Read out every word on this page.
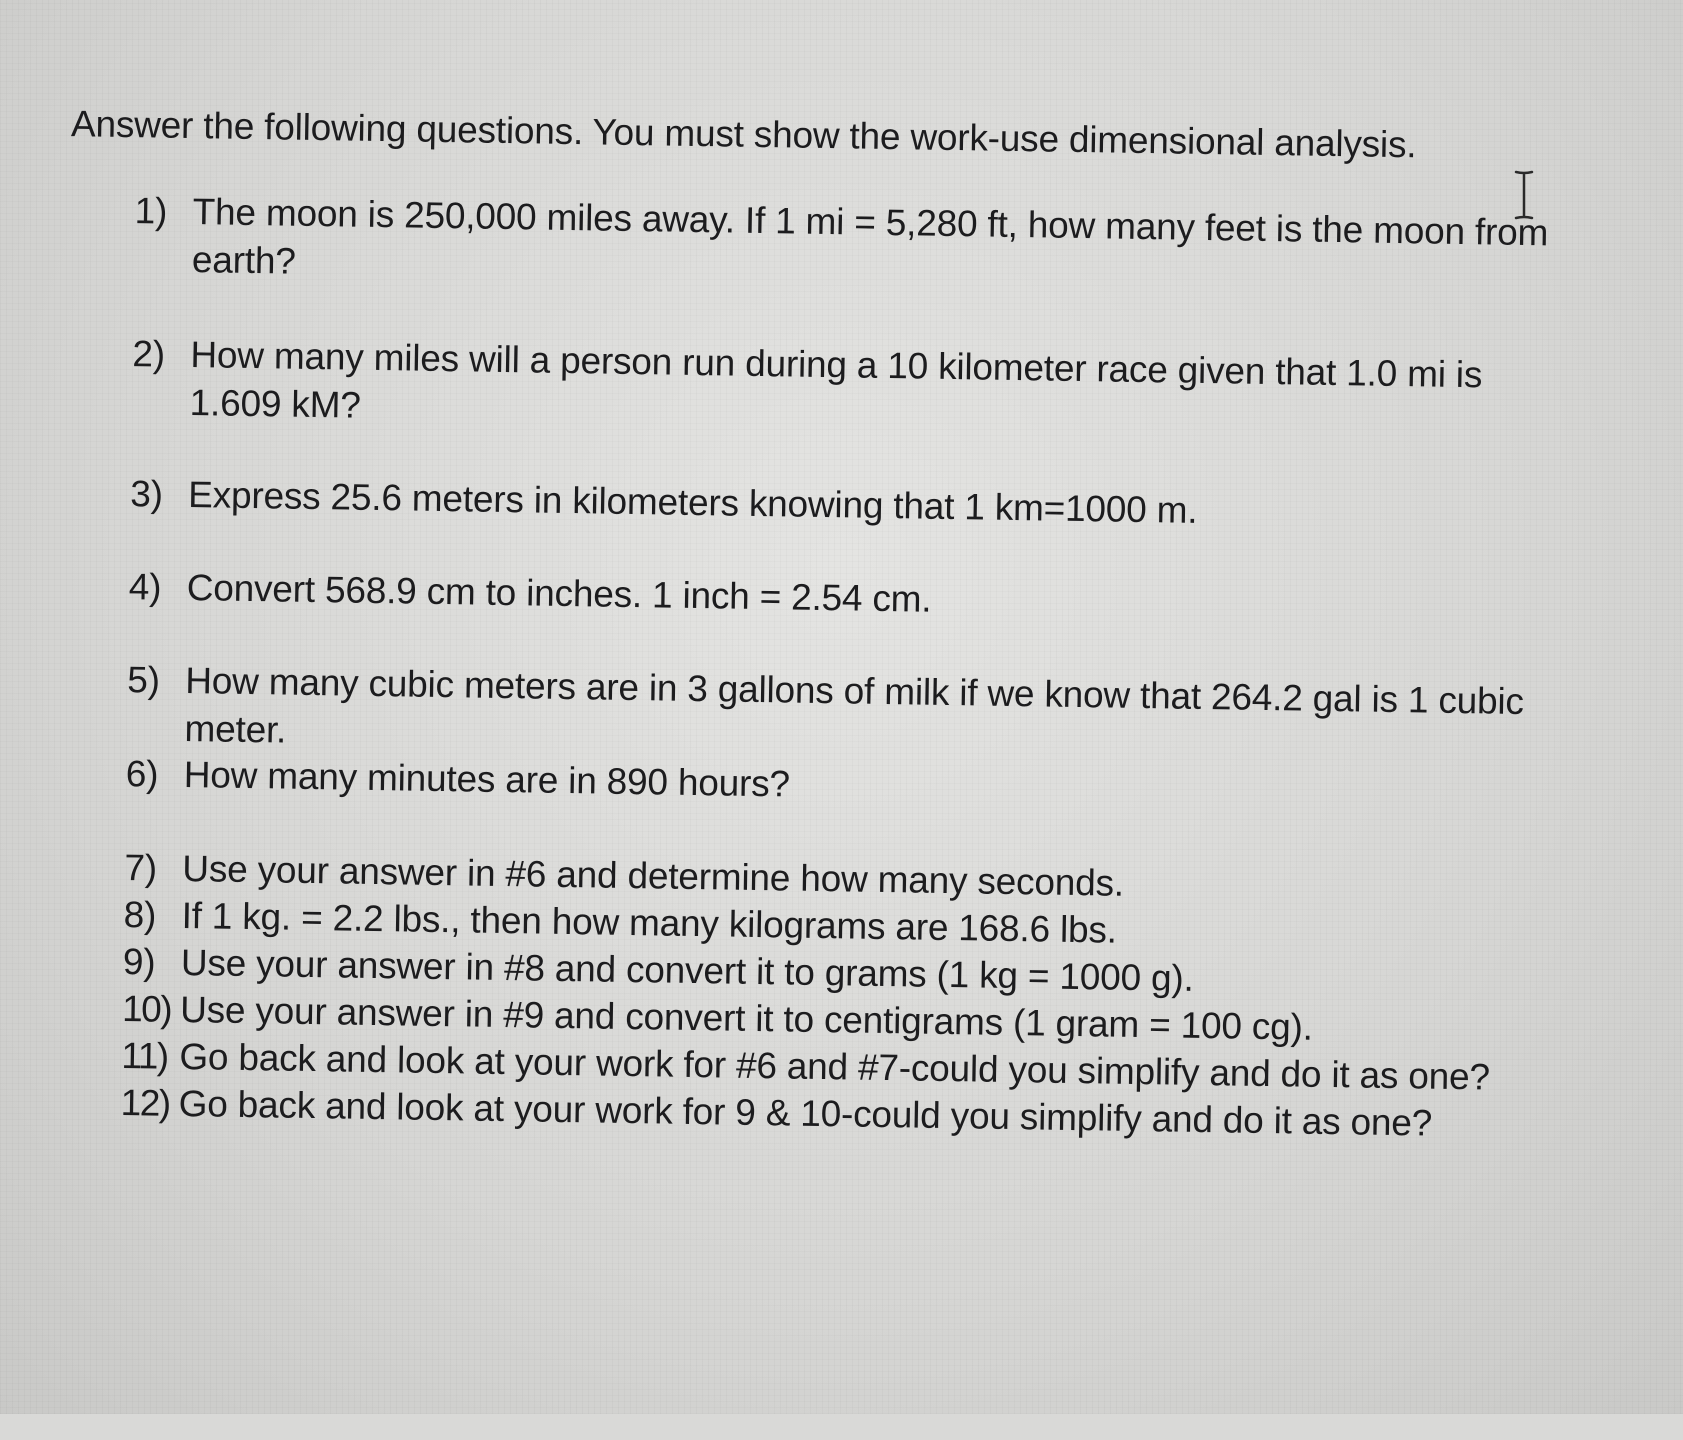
Answer the following questions. You must show the work-use dimensional analysis.

1) The moon is 250,000 miles away. If 1 mi = 5,280 ft, how many feet is the moon from earth?
2) How many miles will a person run during a 10 kilometer race given that 1.0 mi is 1.609 kM?
3) Express 25.6 meters in kilometers knowing that 1 km=1000 m.
4) Convert 568.9 cm to inches. 1 inch = 2.54 cm.
5) How many cubic meters are in 3 gallons of milk if we know that 264.2 gal is 1 cubic meter.
6) How many minutes are in 890 hours?
7) Use your answer in #6 and determine how many seconds.
8) If 1 kg. = 2.2 lbs., then how many kilograms are 168.6 lbs.
9) Use your answer in #8 and convert it to grams (1 kg = 1000 g).
10) Use your answer in #9 and convert it to centigrams (1 gram = 100 cg).
11) Go back and look at your work for #6 and #7-could you simplify and do it as one?
12) Go back and look at your work for 9 & 10-could you simplify and do it as one?
